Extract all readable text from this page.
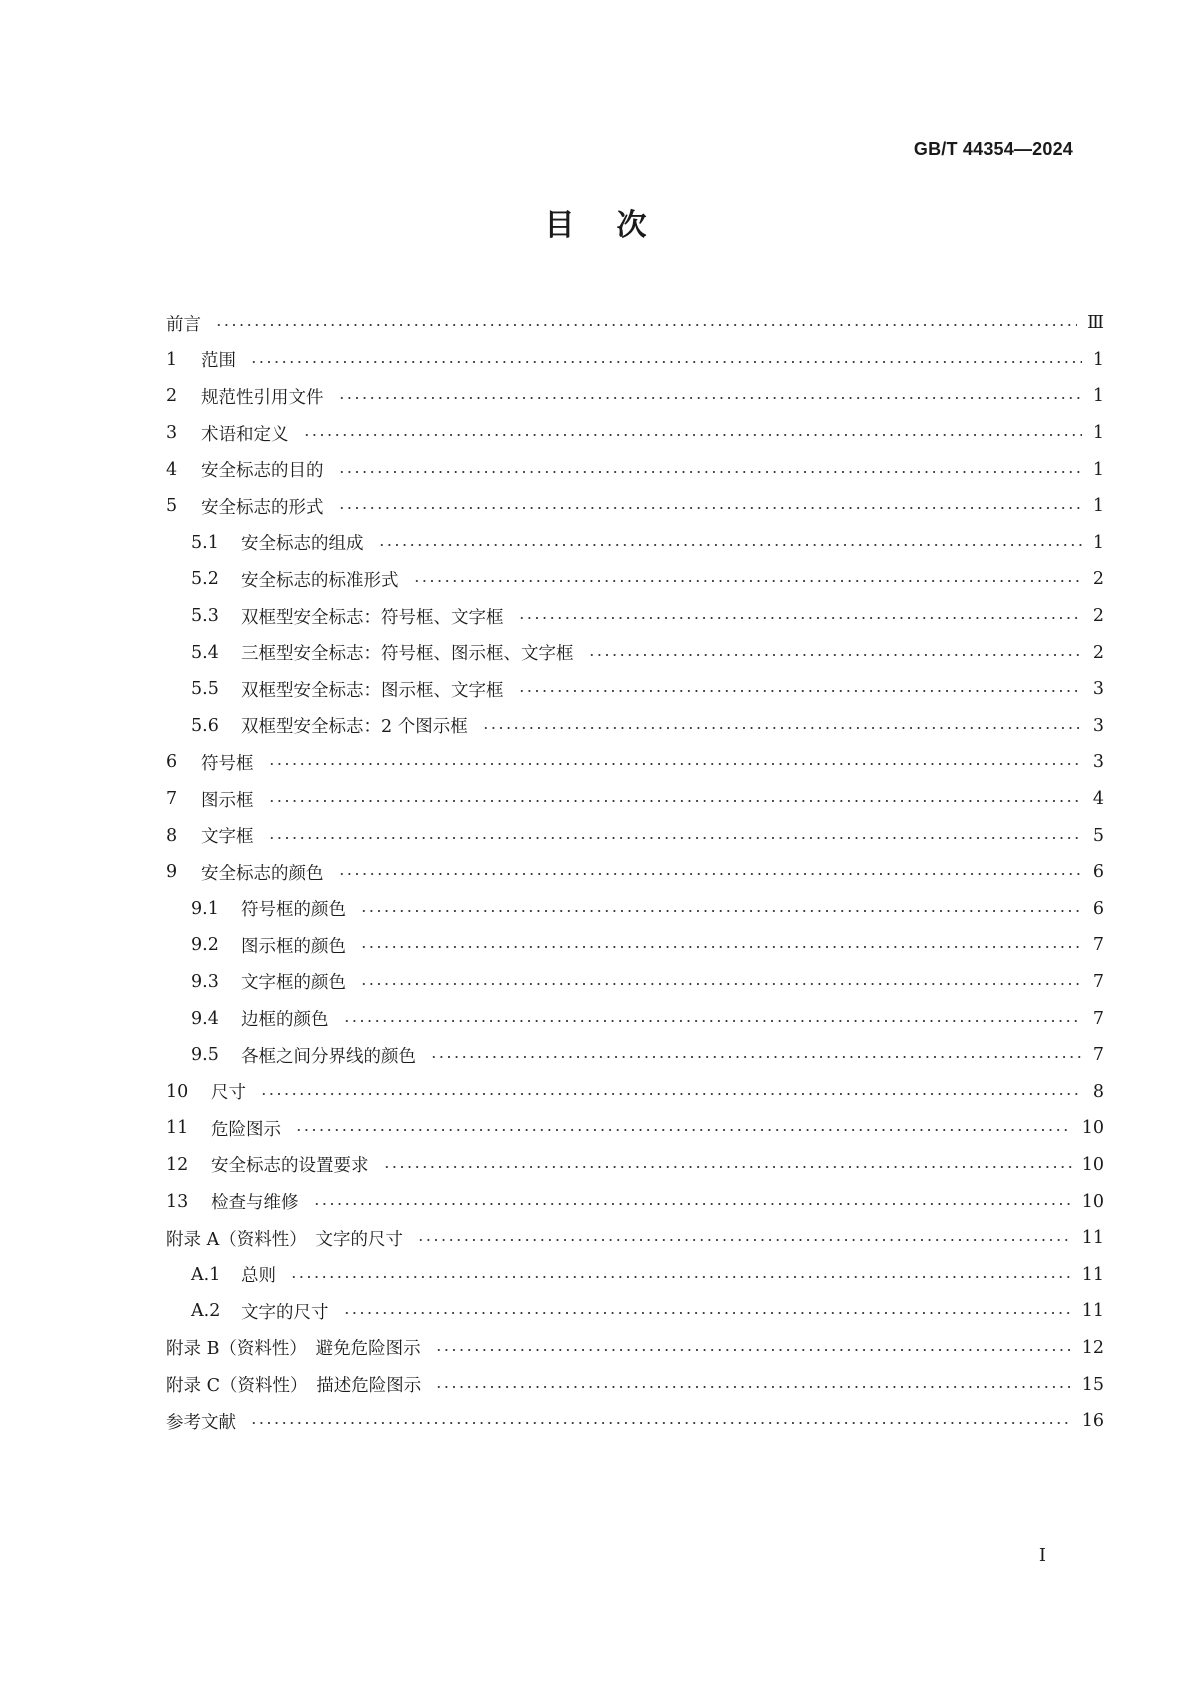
GB/T 44354—2024
目次
前言	Ⅲ
1	范围	1
2	规范性引用文件	1
3	术语和定义	1
4	安全标志的目的	1
5	安全标志的形式	1
5.1	安全标志的组成	1
5.2	安全标志的标准形式	2
5.3	双框型安全标志：符号框、文字框	2
5.4	三框型安全标志：符号框、图示框、文字框	2
5.5	双框型安全标志：图示框、文字框	3
5.6	双框型安全标志：2 个图示框	3
6	符号框	3
7	图示框	4
8	文字框	5
9	安全标志的颜色	6
9.1	符号框的颜色	6
9.2	图示框的颜色	7
9.3	文字框的颜色	7
9.4	边框的颜色	7
9.5	各框之间分界线的颜色	7
10	尺寸	8
11	危险图示	10
12	安全标志的设置要求	10
13	检查与维修	10
附录 A（资料性）　文字的尺寸	11
A.1	总则	11
A.2	文字的尺寸	11
附录 B（资料性）　避免危险图示	12
附录 C（资料性）　描述危险图示	15
参考文献	16
I
